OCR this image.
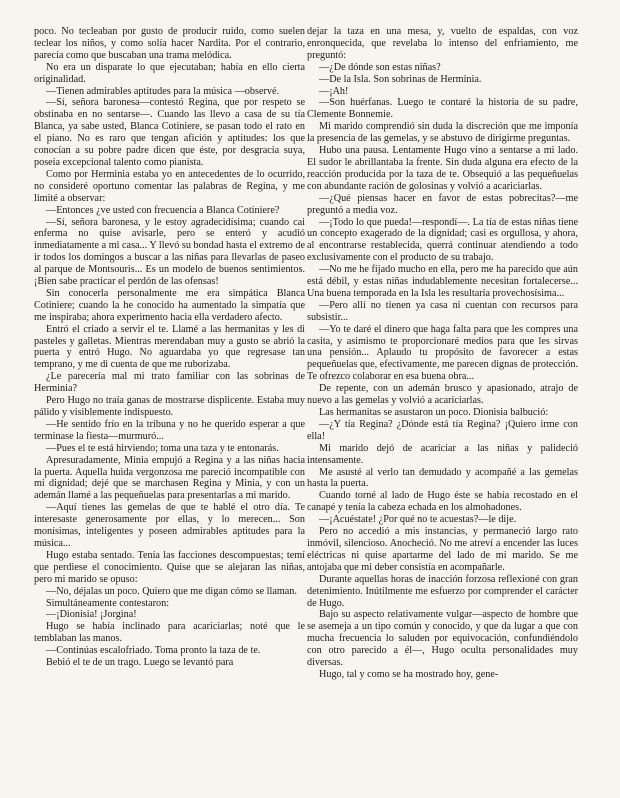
poco. No tecleaban por gusto de producir ruido, como suelen teclear los niños, y como solía hacer Nardita. Por el contrario, parecía como que buscaban una trama melódica.

No era un disparate lo que ejecutaban; había en ello cierta originalidad.

—Tienen admirables aptitudes para la música —observé.

—Sí, señora baronesa—contestó Regina, que por respeto se obstinaba en no sentarse—. Cuando las llevo a casa de su tía Blanca, ya sabe usted, Blanca Cotiniere, se pasan todo el rato en el piano. No es raro que tengan afición y aptitudes: los que conocían a su pobre padre dicen que éste, por desgracia suya, poseía excepcional talento como pianista.

Como por Herminia estaba yo en antecedentes de lo ocurrido, no consideré oportuno comentar las palabras de Regina, y me limité a observar:

—Entonces ¿ve usted con frecuencia a Blanca Cotiniere?

—Sí, señora baronesa, y le estoy agradecidísima; cuando cai enferma no quise avisarle, pero se enteró y acudió inmediatamente a mi casa... Y llevó su bondad hasta el extremo de ir todos los domingos a buscar a las niñas para llevarlas de paseo al parque de Montsouris... Es un modelo de buenos sentimientos. ¡Bien sabe practicar el perdón de las ofensas!

Sin conocerla personalmente me era simpática Blanca Cotiniere; cuando la he conocido ha aumentado la simpatía que me inspiraba; ahora experimento hacia ella verdadero afecto.

Entró el criado a servir el te. Llamé a las hermanitas y les di pasteles y galletas. Mientras merendaban muy a gusto se abrió la puerta y entró Hugo. No aguardaba yo que regresase tan temprano, y me di cuenta de que me ruborizaba.

¿Le parecería mal mi trato familiar con las sobrinas de Herminia?

Pero Hugo no traía ganas de mostrarse displicente. Estaba muy pálido y visiblemente indispuesto.

—He sentido frío en la tribuna y no he querido esperar a que terminase la fiesta—murmuró...

—Pues el te está hirviendo; toma una taza y te entonarás.

Apresuradamente, Minia empujó a Regina y a las niñas hacia la puerta. Aquella huida vergonzosa me pareció incompatible con mi dignidad; dejé que se marchasen Regina y Minia, y con un ademán llamé a las pequeñuelas para presentarlas a mi marido.

—Aquí tienes las gemelas de que te hablé el otro día. Te interesaste generosamente por ellas, y lo merecen... Son monísimas, inteligentes y poseen admirables aptitudes para la música...

Hugo estaba sentado. Tenía las facciones descompuestas; temí que perdiese el conocimiento. Quise que se alejaran las niñas, pero mi marido se opuso:

—No, déjalas un poco. Quiero que me digan cómo se llaman.

Simultáneamente contestaron:

—¡Dionisia! ¡Jorgina!

Hugo se había inclinado para acariciarlas; noté que le temblaban las manos.

—Continúas escalofriado. Toma pronto la taza de te.

Bebió el te de un trago. Luego se levantó para

dejar la taza en una mesa, y, vuelto de espaldas, con voz enronquecida, que revelaba lo intenso del enfriamiento, me preguntó:

—¿De dónde son estas niñas?

—De la Isla. Son sobrinas de Herminia.

—¡Ah!

—Son huérfanas. Luego te contaré la historia de su padre, Clemente Bonnemie.

Mi marido comprendió sin duda la discreción que me imponía la presencia de las gemelas, y se abstuvo de dirigirme preguntas.

Hubo una pausa. Lentamente Hugo vino a sentarse a mi lado. El sudor le abrillantaba la frente. Sin duda alguna era efecto de la reacción producida por la taza de te. Obsequió a las pequeñuelas con abundante ración de golosinas y volvió a acariciarlas.

—¿Qué piensas hacer en favor de estas pobrecitas?—me preguntó a media voz.

—¡Todo lo que pueda!—respondí—. La tía de estas niñas tiene un concepto exagerado de la dignidad; casi es orgullosa, y ahora, al encontrarse restablecida, querrá continuar atendiendo a todo exclusivamente con el producto de su trabajo.

—No me he fijado mucho en ella, pero me ha parecido que aún está débil, y estas niñas indudablemente necesitan fortalecerse... Una buena temporada en la Isla les resultaría provechosísima...

—Pero allí no tienen ya casa ni cuentan con recursos para subsistir...

—Yo te daré el dinero que haga falta para que les compres una casita, y asimismo te proporcionaré medios para que les sirvas una pensión... Aplaudo tu propósito de favorecer a estas pequeñuelas que, efectivamente, me parecen dignas de protección. Te ofrezco colaborar en esa buena obra...

De repente, con un ademán brusco y apasionado, atrajo de nuevo a las gemelas y volvió a acariciarlas.

Las hermanitas se asustaron un poco. Dionisia balbució:

—¿Y tía Regina? ¿Dónde está tía Regina? ¡Quiero irme con ella!

Mi marido dejó de acariciar a las niñas y palideció intensamente.

Me asusté al verlo tan demudado y acompañé a las gemelas hasta la puerta.

Cuando torné al lado de Hugo éste se había recostado en el canapé y tenía la cabeza echada en los almohadones.

—¡Acuéstate! ¿Por qué no te acuestas?—le dije.

Pero no accedió a mis instancias, y permaneció largo rato inmóvil, silencioso. Anocheció. No me atreví a encender las luces eléctricas ni quise apartarme del lado de mi marido. Se me antojaba que mi deber consistía en acompañarle.

Durante aquellas horas de inacción forzosa reflexioné con gran detenimiento. Inútilmente me esfuerzo por comprender el carácter de Hugo.

Bajo su aspecto relativamente vulgar—aspecto de hombre que se asemeja a un tipo común y conocido, y que da lugar a que con mucha frecuencia lo saluden por equivocación, confundiéndolo con otro parecido a él—, Hugo oculta personalidades muy diversas.

Hugo, tal y como se ha mostrado hoy, gene-
